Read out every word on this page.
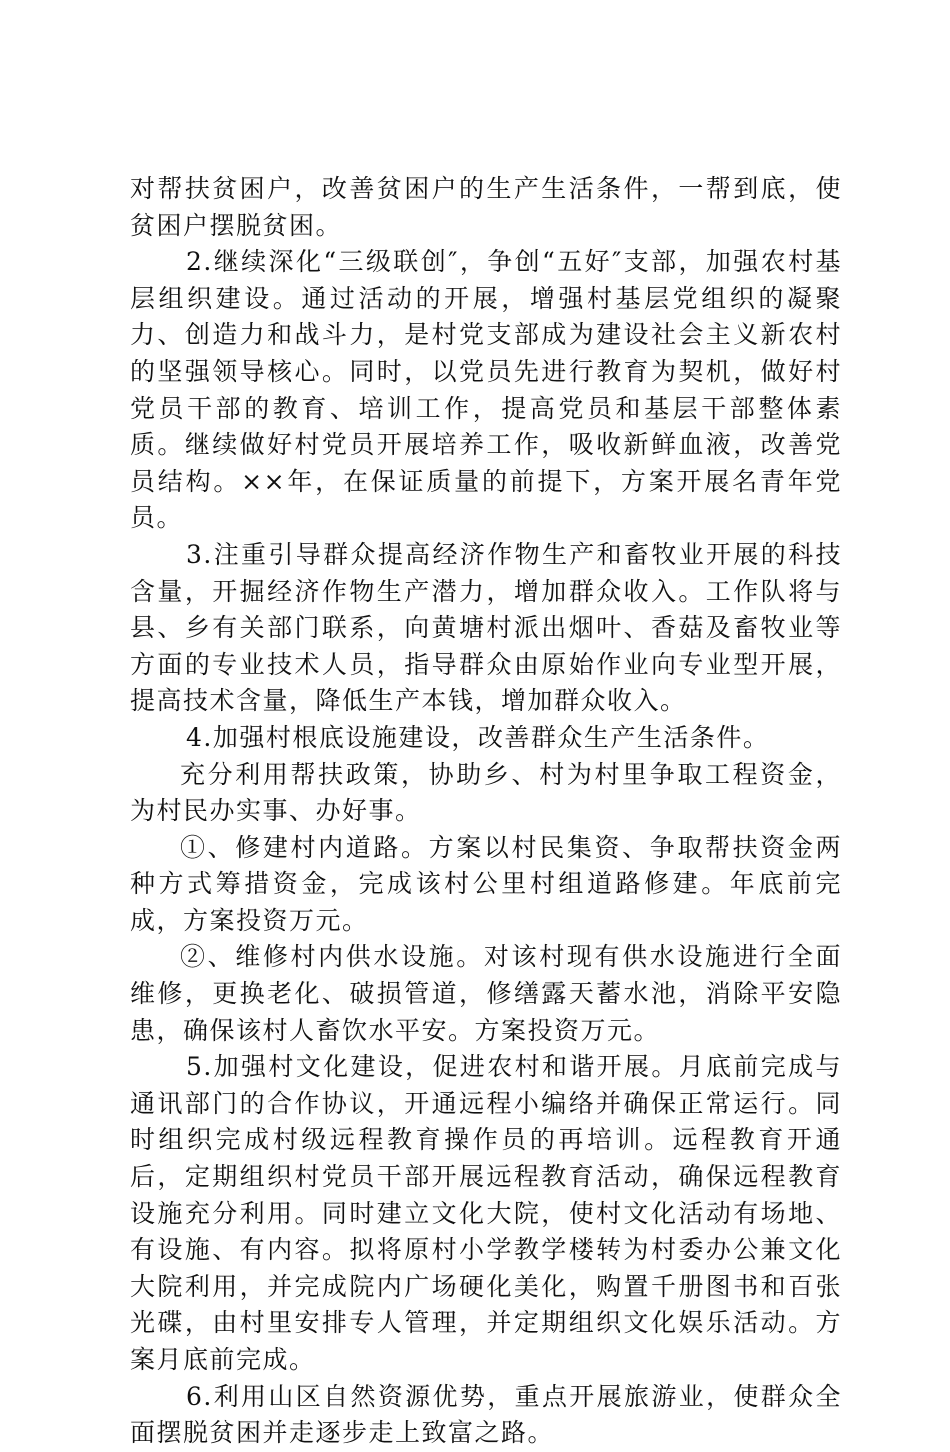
对帮扶贫困户，改善贫困户的生产生活条件，一帮到底，使贫困户摆脱贫困。

2.继续深化“三级联创″，争创“五好″支部，加强农村基层组织建设。通过活动的开展，增强村基层党组织的凝聚力、创造力和战斗力，是村党支部成为建设社会主义新农村的坚强领导核心。同时，以党员先进行教育为契机，做好村党员干部的教育、培训工作，提高党员和基层干部整体素质。继续做好村党员开展培养工作，吸收新鲜血液，改善党员结构。××年，在保证质量的前提下，方案开展名青年党员。

3.注重引导群众提高经济作物生产和畜牧业开展的科技含量，开掘经济作物生产潜力，增加群众收入。工作队将与县、乡有关部门联系，向黄塘村派出烟叶、香菇及畜牧业等方面的专业技术人员，指导群众由原始作业向专业型开展，提高技术含量，降低生产本钱，增加群众收入。

4.加强村根底设施建设，改善群众生产生活条件。

充分利用帮扶政策，协助乡、村为村里争取工程资金，为村民办实事、办好事。

①、修建村内道路。方案以村民集资、争取帮扶资金两种方式筹措资金，完成该村公里村组道路修建。年底前完成，方案投资万元。

②、维修村内供水设施。对该村现有供水设施进行全面维修，更换老化、破损管道，修缮露天蓄水池，消除平安隐患，确保该村人畜饮水平安。方案投资万元。

5.加强村文化建设，促进农村和谐开展。月底前完成与通讯部门的合作协议，开通远程小编络并确保正常运行。同时组织完成村级远程教育操作员的再培训。远程教育开通后，定期组织村党员干部开展远程教育活动，确保远程教育设施充分利用。同时建立文化大院，使村文化活动有场地、有设施、有内容。拟将原村小学教学楼转为村委办公兼文化大院利用，并完成院内广场硬化美化，购置千册图书和百张光碟，由村里安排专人管理，并定期组织文化娱乐活动。方案月底前完成。

6.利用山区自然资源优势，重点开展旅游业，使群众全面摆脱贫困并走逐步走上致富之路。
